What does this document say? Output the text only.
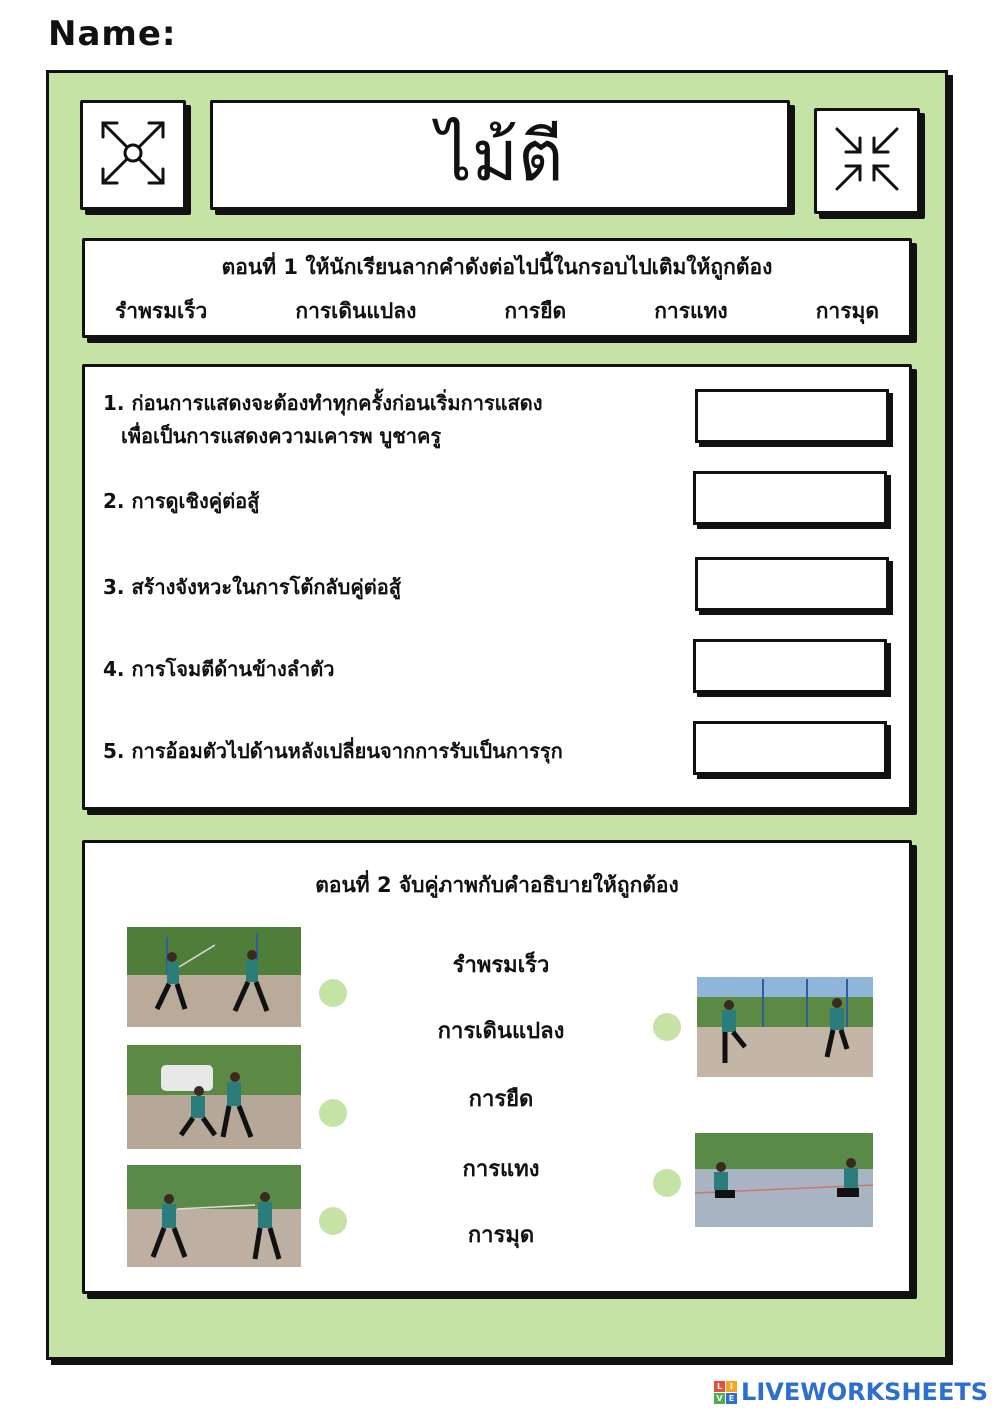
Name:
ไม้ตี
ตอนที่ 1 ให้นักเรียนลากคำดังต่อไปนี้ในกรอบไปเติมให้ถูกต้อง
รำพรมเร็ว	การเดินแปลง	การยืด	การแทง	การมุด
1. ก่อนการแสดงจะต้องทำทุกครั้งก่อนเริ่มการแสดง
เพื่อเป็นการแสดงความเคารพ บูชาครู
2. การดูเชิงคู่ต่อสู้
3. สร้างจังหวะในการโต้กลับคู่ต่อสู้
4. การโจมตีด้านข้างลำตัว
5. การอ้อมตัวไปด้านหลังเปลี่ยนจากการรับเป็นการรุก
ตอนที่ 2 จับคู่ภาพกับคำอธิบายให้ถูกต้อง
รำพรมเร็ว
การเดินแปลง
การยืด
การแทง
การมุด
L I
V E LIVEWORKSHEETS
